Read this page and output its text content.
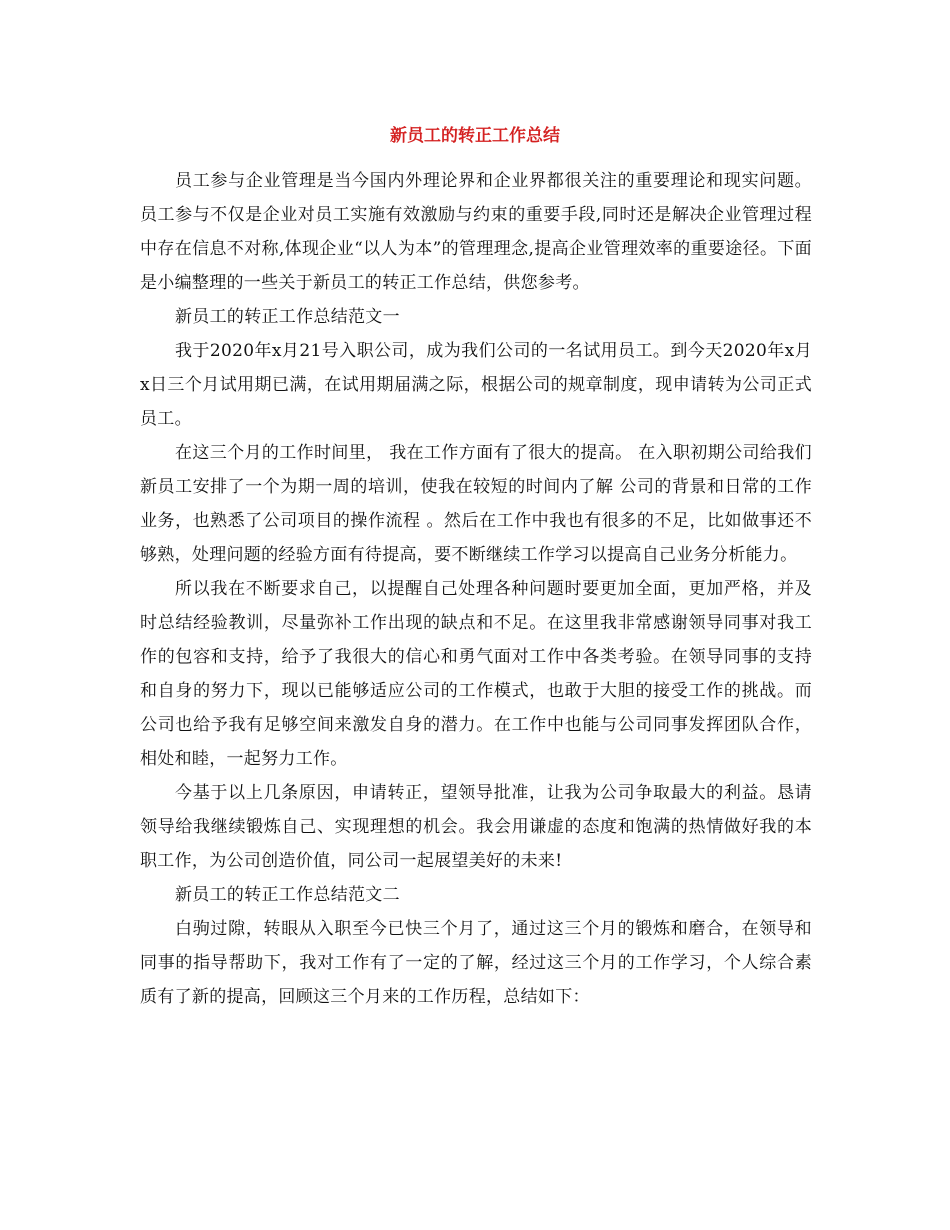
新员工的转正工作总结

员工参与企业管理是当今国内外理论界和企业界都很关注的重要理论和现实问题。员工参与不仅是企业对员工实施有效激励与约束的重要手段,同时还是解决企业管理过程中存在信息不对称,体现企业“以人为本”的管理理念,提高企业管理效率的重要途径。下面是小编整理的一些关于新员工的转正工作总结，供您参考。

新员工的转正工作总结范文一

我于2020年x月21号入职公司，成为我们公司的一名试用员工。到今天2020年x月x日三个月试用期已满，在试用期届满之际，根据公司的规章制度，现申请转为公司正式员工。

在这三个月的工作时间里， 我在工作方面有了很大的提高。 在入职初期公司给我们新员工安排了一个为期一周的培训，使我在较短的时间内了解 公司的背景和日常的工作业务，也熟悉了公司项目的操作流程 。然后在工作中我也有很多的不足，比如做事还不够熟，处理问题的经验方面有待提高，要不断继续工作学习以提高自己业务分析能力。

所以我在不断要求自己，以提醒自己处理各种问题时要更加全面，更加严格，并及时总结经验教训，尽量弥补工作出现的缺点和不足。在这里我非常感谢领导同事对我工作的包容和支持，给予了我很大的信心和勇气面对工作中各类考验。在领导同事的支持和自身的努力下，现以已能够适应公司的工作模式，也敢于大胆的接受工作的挑战。而公司也给予我有足够空间来激发自身的潜力。在工作中也能与公司同事发挥团队合作，相处和睦，一起努力工作。

今基于以上几条原因，申请转正，望领导批准，让我为公司争取最大的利益。恳请领导给我继续锻炼自己、实现理想的机会。我会用谦虚的态度和饱满的热情做好我的本职工作，为公司创造价值，同公司一起展望美好的未来!

新员工的转正工作总结范文二

白驹过隙，转眼从入职至今已快三个月了，通过这三个月的锻炼和磨合，在领导和同事的指导帮助下，我对工作有了一定的了解，经过这三个月的工作学习，个人综合素质有了新的提高，回顾这三个月来的工作历程，总结如下：
